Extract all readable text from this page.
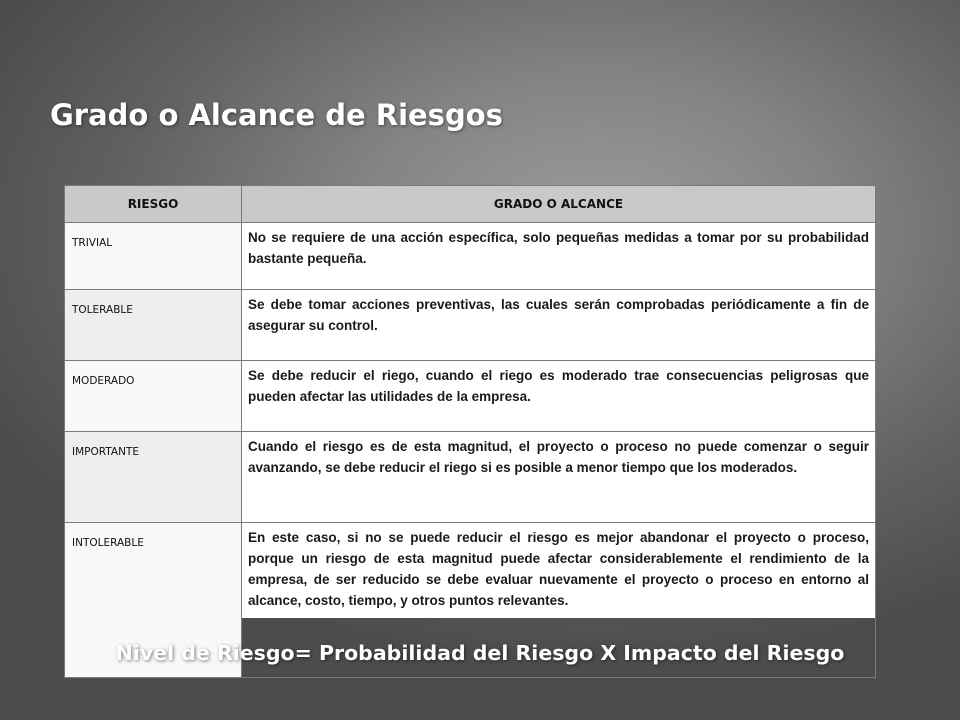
Grado o Alcance de Riesgos
RIESGO	GRADO O ALCANCE
TRIVIAL	No se requiere de una acción específica, solo pequeñas medidas a tomar por su probabilidad bastante pequeña.
TOLERABLE	Se debe tomar acciones preventivas, las cuales serán comprobadas periódicamente a fin de asegurar su control.
MODERADO	Se debe reducir el riego, cuando el riego es moderado trae consecuencias peligrosas que pueden afectar las utilidades de la empresa.
IMPORTANTE	Cuando el riesgo es de esta magnitud, el proyecto o proceso no puede comenzar o seguir avanzando, se debe reducir el riego si es posible a menor tiempo que los moderados.
INTOLERABLE	En este caso, si no se puede reducir el riesgo es mejor abandonar el proyecto o proceso, porque un riesgo de esta magnitud puede afectar considerablemente el rendimiento de la empresa, de ser reducido se debe evaluar nuevamente el proyecto o proceso en entorno al alcance, costo, tiempo, y otros puntos relevantes.

Nivel de Riesgo= Probabilidad del Riesgo X Impacto del Riesgo
